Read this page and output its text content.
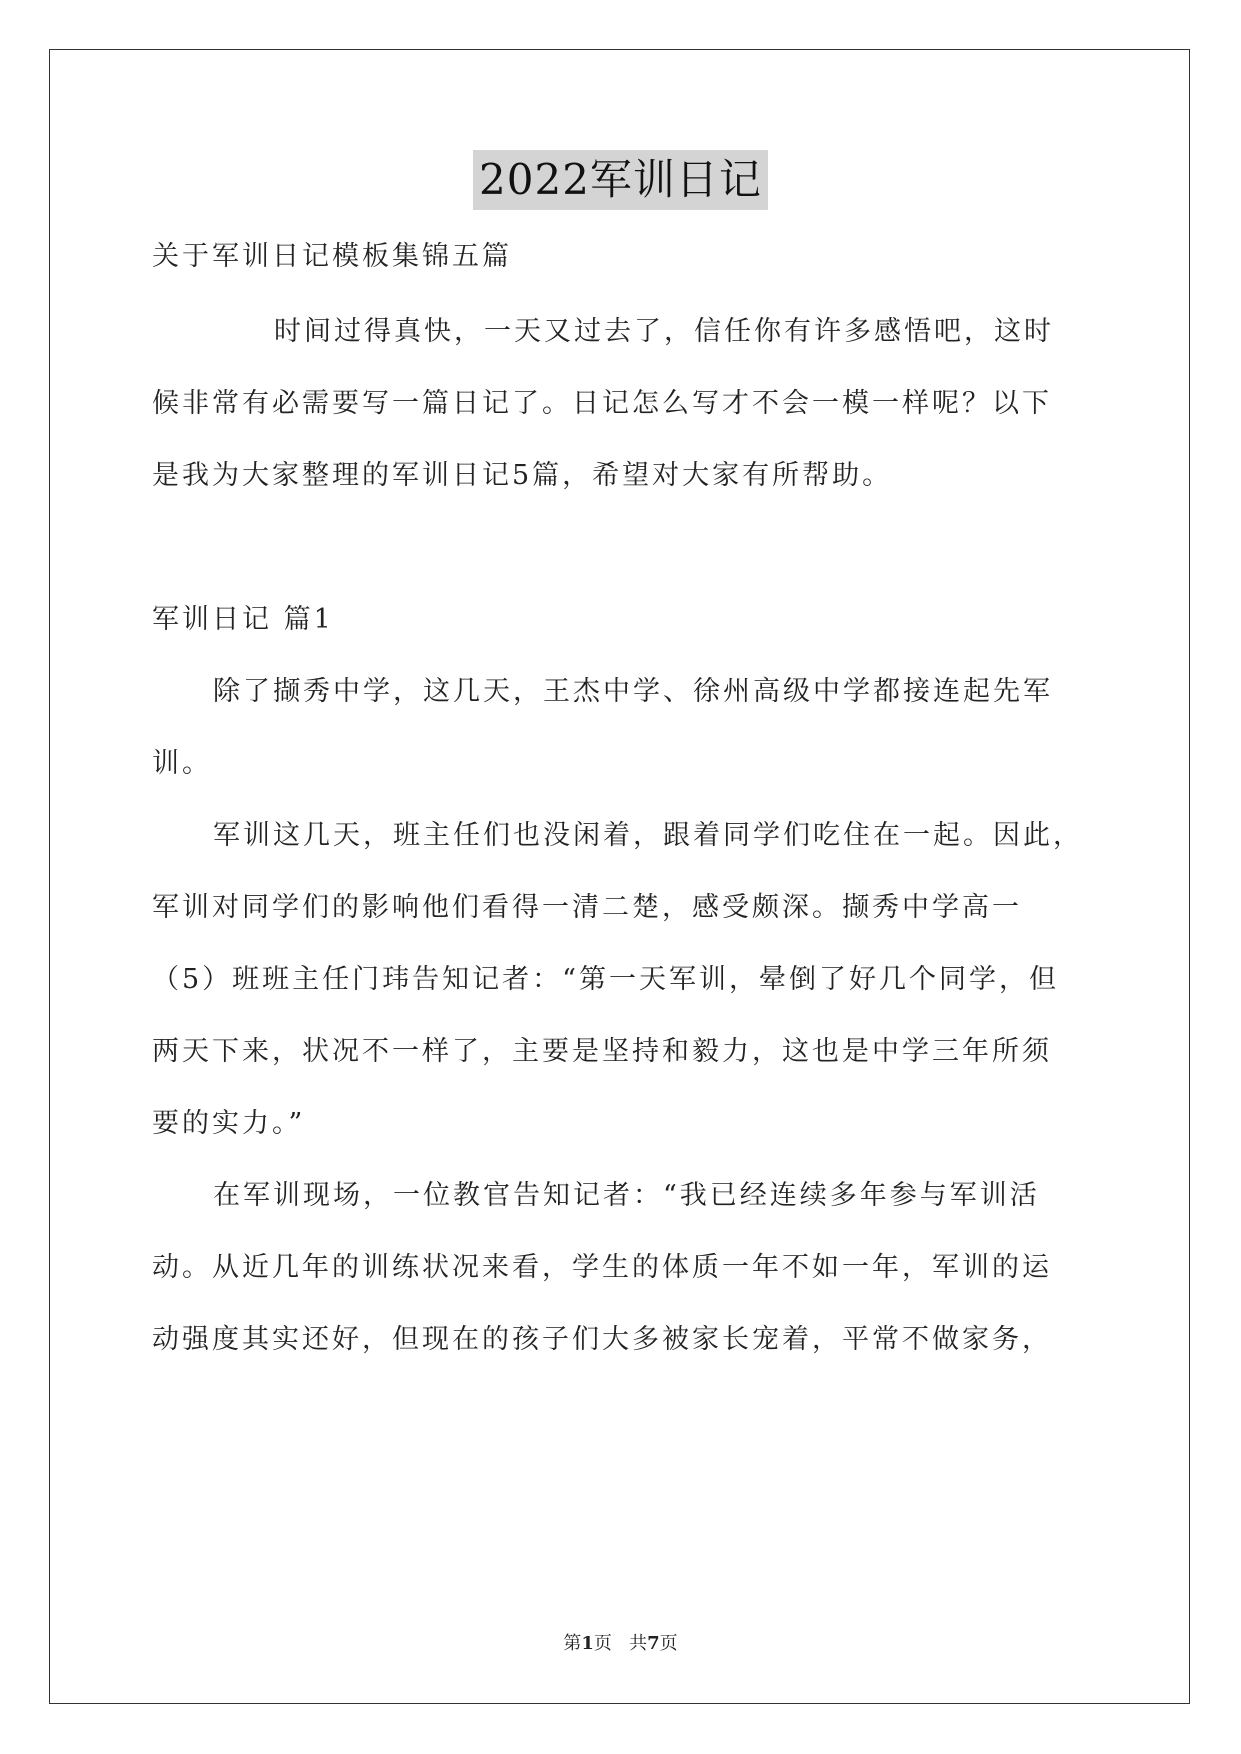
2022军训日记
关于军训日记模板集锦五篇
时间过得真快，一天又过去了，信任你有许多感悟吧，这时
候非常有必需要写一篇日记了。日记怎么写才不会一模一样呢？以下
是我为大家整理的军训日记5篇，希望对大家有所帮助。
军训日记 篇1
除了撷秀中学，这几天，王杰中学、徐州高级中学都接连起先军
训。
军训这几天，班主任们也没闲着，跟着同学们吃住在一起。因此，
军训对同学们的影响他们看得一清二楚，感受颇深。撷秀中学高一
（5）班班主任门玮告知记者：“第一天军训，晕倒了好几个同学，但
两天下来，状况不一样了，主要是坚持和毅力，这也是中学三年所须
要的实力。”
在军训现场，一位教官告知记者：“我已经连续多年参与军训活
动。从近几年的训练状况来看，学生的体质一年不如一年，军训的运
动强度其实还好，但现在的孩子们大多被家长宠着，平常不做家务，
第1页   共7页
